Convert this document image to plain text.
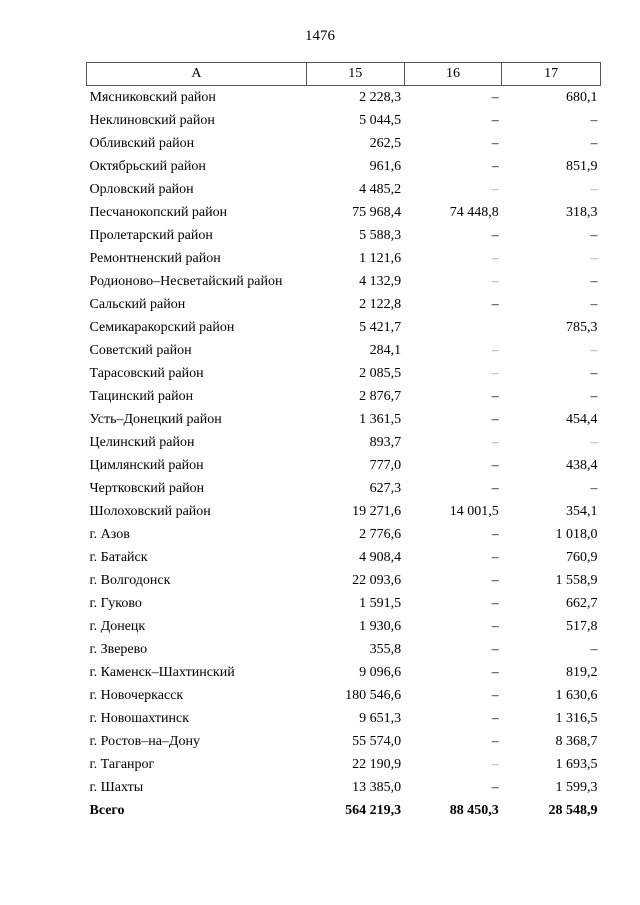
1476
А	15	16	17
Мясниковский район	2 228,3	–	680,1
Неклиновский район	5 044,5	–	–
Обливский район	262,5	–	–
Октябрьский район	961,6	–	851,9
Орловский район	4 485,2	–	–
Песчанокопский район	75 968,4	74 448,8	318,3
Пролетарский район	5 588,3	–	–
Ремонтненский район	1 121,6	–	–
Родионово–Несветайский район	4 132,9	–	–
Сальский район	2 122,8	–	–
Семикаракорский район	5 421,7		785,3
Советский район	284,1	–	–
Тарасовский район	2 085,5	–	–
Тацинский район	2 876,7	–	–
Усть–Донецкий район	1 361,5	–	454,4
Целинский район	893,7	–	–
Цимлянский район	777,0	–	438,4
Чертковский район	627,3	–	–
Шолоховский район	19 271,6	14 001,5	354,1
г. Азов	2 776,6	–	1 018,0
г. Батайск	4 908,4	–	760,9
г. Волгодонск	22 093,6	–	1 558,9
г. Гуково	1 591,5	–	662,7
г. Донецк	1 930,6	–	517,8
г. Зверево	355,8	–	–
г. Каменск–Шахтинский	9 096,6	–	819,2
г. Новочеркасск	180 546,6	–	1 630,6
г. Новошахтинск	9 651,3	–	1 316,5
г. Ростов–на–Дону	55 574,0	–	8 368,7
г. Таганрог	22 190,9	–	1 693,5
г. Шахты	13 385,0	–	1 599,3
Всего	564 219,3	88 450,3	28 548,9
